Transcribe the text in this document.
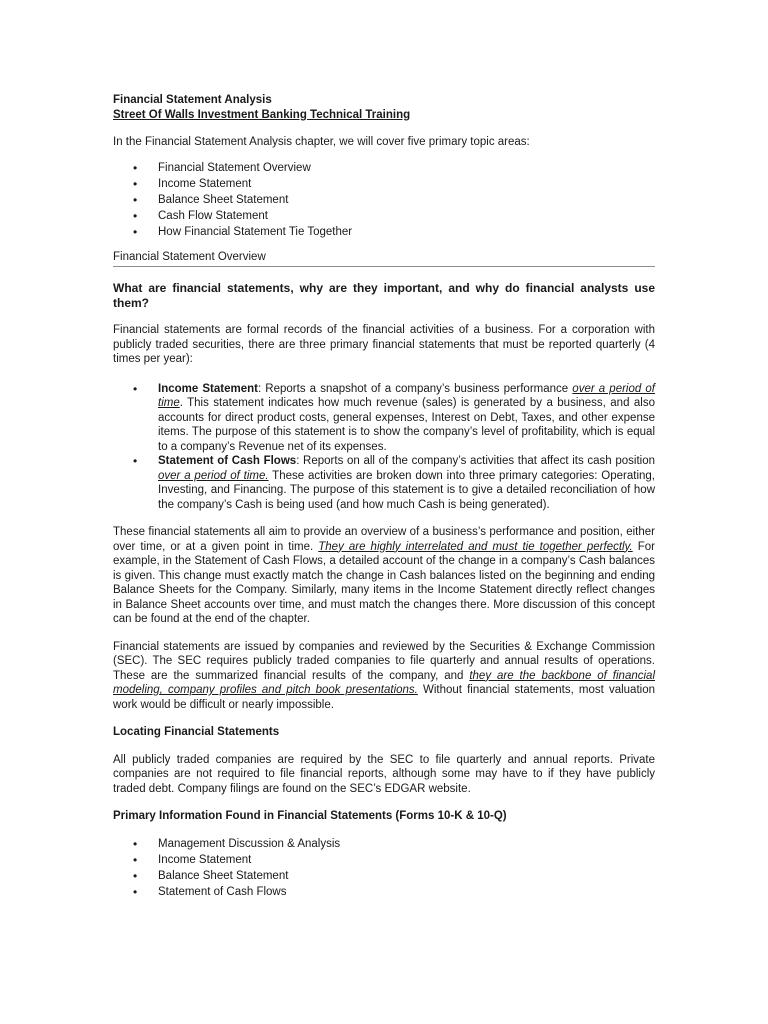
Financial Statement Analysis

Street Of Walls Investment Banking Technical Training

In the Financial Statement Analysis chapter, we will cover five primary topic areas:

• Financial Statement Overview
• Income Statement
• Balance Sheet Statement
• Cash Flow Statement
• How Financial Statement Tie Together

Financial Statement Overview

What are financial statements, why are they important, and why do financial analysts use them?

Financial statements are formal records of the financial activities of a business. For a corporation with publicly traded securities, there are three primary financial statements that must be reported quarterly (4 times per year):

• Income Statement: Reports a snapshot of a company’s business performance over a period of time. This statement indicates how much revenue (sales) is generated by a business, and also accounts for direct product costs, general expenses, Interest on Debt, Taxes, and other expense items. The purpose of this statement is to show the company’s level of profitability, which is equal to a company’s Revenue net of its expenses.
• Statement of Cash Flows: Reports on all of the company’s activities that affect its cash position over a period of time. These activities are broken down into three primary categories: Operating, Investing, and Financing. The purpose of this statement is to give a detailed reconciliation of how the company’s Cash is being used (and how much Cash is being generated).

These financial statements all aim to provide an overview of a business’s performance and position, either over time, or at a given point in time. They are highly interrelated and must tie together perfectly. For example, in the Statement of Cash Flows, a detailed account of the change in a company’s Cash balances is given. This change must exactly match the change in Cash balances listed on the beginning and ending Balance Sheets for the Company. Similarly, many items in the Income Statement directly reflect changes in Balance Sheet accounts over time, and must match the changes there. More discussion of this concept can be found at the end of the chapter.

Financial statements are issued by companies and reviewed by the Securities & Exchange Commission (SEC). The SEC requires publicly traded companies to file quarterly and annual results of operations. These are the summarized financial results of the company, and they are the backbone of financial modeling, company profiles and pitch book presentations. Without financial statements, most valuation work would be difficult or nearly impossible.

Locating Financial Statements

All publicly traded companies are required by the SEC to file quarterly and annual reports. Private companies are not required to file financial reports, although some may have to if they have publicly traded debt. Company filings are found on the SEC’s EDGAR website.

Primary Information Found in Financial Statements (Forms 10-K & 10-Q)

• Management Discussion & Analysis
• Income Statement
• Balance Sheet Statement
• Statement of Cash Flows
